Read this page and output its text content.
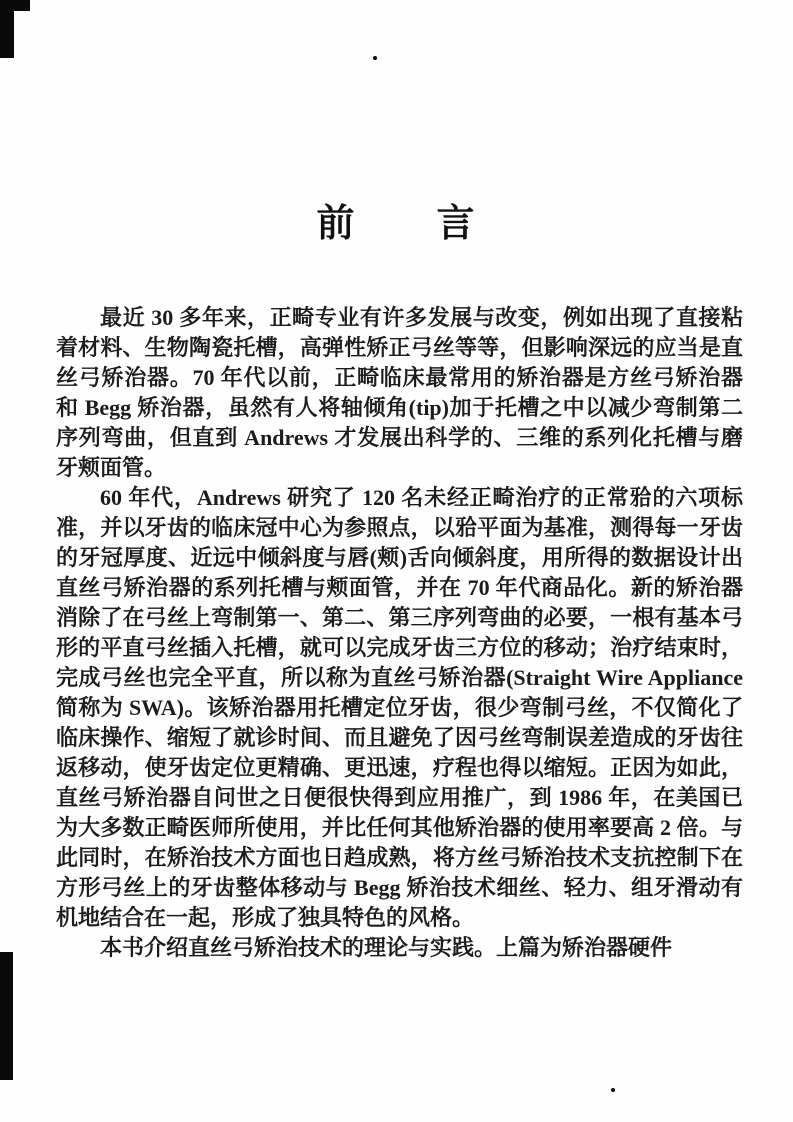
前　　言

最近 30 多年来，正畸专业有许多发展与改变，例如出现了直接粘着材料、生物陶瓷托槽，高弹性矫正弓丝等等，但影响深远的应当是直丝弓矫治器。70 年代以前，正畸临床最常用的矫治器是方丝弓矫治器和 Begg 矫治器，虽然有人将轴倾角(tip)加于托槽之中以减少弯制第二序列弯曲，但直到 Andrews 才发展出科学的、三维的系列化托槽与磨牙颊面管。

60 年代，Andrews 研究了 120 名未经正畸治疗的正常𬌗的六项标准，并以牙齿的临床冠中心为参照点，以𬌗平面为基准，测得每一牙齿的牙冠厚度、近远中倾斜度与唇(颊)舌向倾斜度，用所得的数据设计出直丝弓矫治器的系列托槽与颊面管，并在 70 年代商品化。新的矫治器消除了在弓丝上弯制第一、第二、第三序列弯曲的必要，一根有基本弓形的平直弓丝插入托槽，就可以完成牙齿三方位的移动；治疗结束时，完成弓丝也完全平直，所以称为直丝弓矫治器(Straight Wire Appliance 简称为 SWA)。该矫治器用托槽定位牙齿，很少弯制弓丝，不仅简化了临床操作、缩短了就诊时间、而且避免了因弓丝弯制误差造成的牙齿往返移动，使牙齿定位更精确、更迅速，疗程也得以缩短。正因为如此，直丝弓矫治器自问世之日便很快得到应用推广，到 1986 年，在美国已为大多数正畸医师所使用，并比任何其他矫治器的使用率要高 2 倍。与此同时，在矫治技术方面也日趋成熟，将方丝弓矫治技术支抗控制下在方形弓丝上的牙齿整体移动与 Begg 矫治技术细丝、轻力、组牙滑动有机地结合在一起，形成了独具特色的风格。

本书介绍直丝弓矫治技术的理论与实践。上篇为矫治器硬件
